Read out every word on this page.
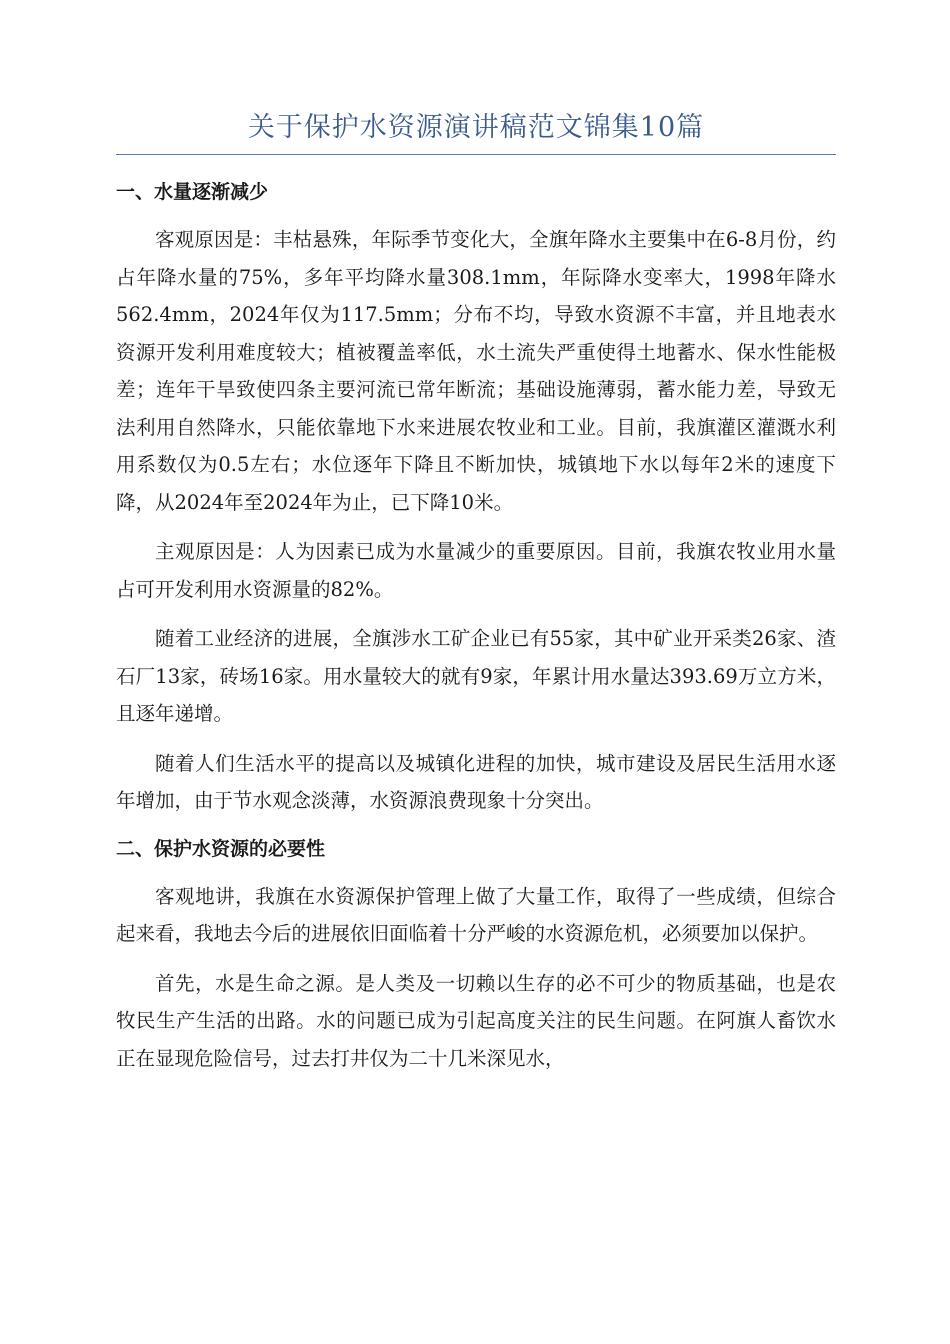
关于保护水资源演讲稿范文锦集10篇
一、水量逐渐减少

客观原因是：丰枯悬殊，年际季节变化大，全旗年降水主要集中在6-8月份，约占年降水量的75%，多年平均降水量308.1mm，年际降水变率大，1998年降水562.4mm，2024年仅为117.5mm；分布不均，导致水资源不丰富，并且地表水资源开发利用难度较大；植被覆盖率低，水土流失严重使得土地蓄水、保水性能极差；连年干旱致使四条主要河流已常年断流；基础设施薄弱，蓄水能力差，导致无法利用自然降水，只能依靠地下水来进展农牧业和工业。目前，我旗灌区灌溉水利用系数仅为0.5左右；水位逐年下降且不断加快，城镇地下水以每年2米的速度下降，从2024年至2024年为止，已下降10米。

主观原因是：人为因素已成为水量减少的重要原因。目前，我旗农牧业用水量占可开发利用水资源量的82%。

随着工业经济的进展，全旗涉水工矿企业已有55家，其中矿业开采类26家、渣石厂13家，砖场16家。用水量较大的就有9家，年累计用水量达393.69万立方米，且逐年递增。

随着人们生活水平的提高以及城镇化进程的加快，城市建设及居民生活用水逐年增加，由于节水观念淡薄，水资源浪费现象十分突出。

二、保护水资源的必要性

客观地讲，我旗在水资源保护管理上做了大量工作，取得了一些成绩，但综合起来看，我地去今后的进展依旧面临着十分严峻的水资源危机，必须要加以保护。

首先，水是生命之源。是人类及一切赖以生存的必不可少的物质基础，也是农牧民生产生活的出路。水的问题已成为引起高度关注的民生问题。在阿旗人畜饮水正在显现危险信号，过去打井仅为二十几米深见水，
